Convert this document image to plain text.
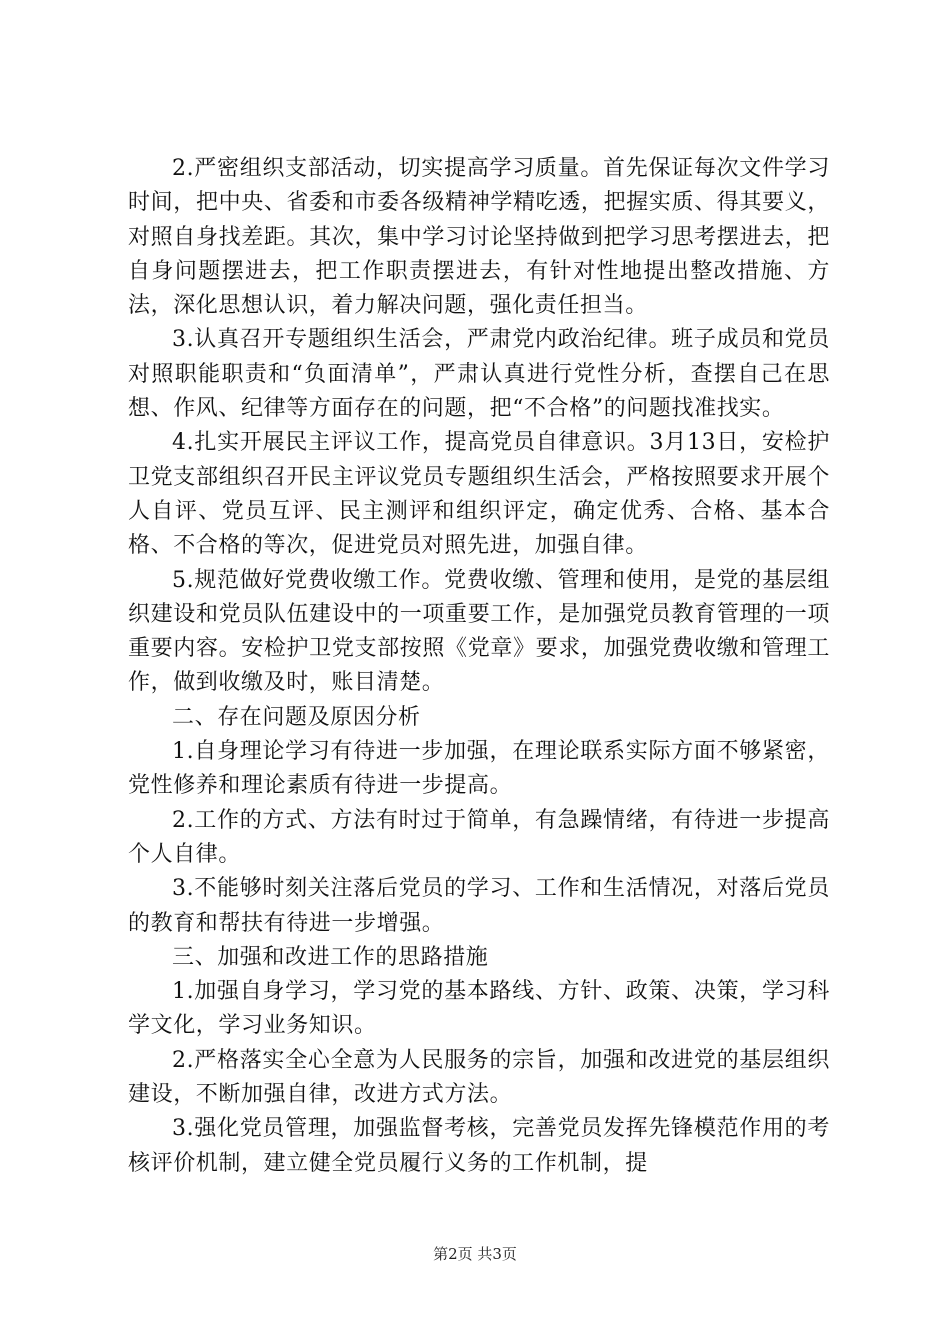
2.严密组织支部活动，切实提高学习质量。首先保证每次文件学习时间，把中央、省委和市委各级精神学精吃透，把握实质、得其要义，对照自身找差距。其次，集中学习讨论坚持做到把学习思考摆进去，把自身问题摆进去，把工作职责摆进去，有针对性地提出整改措施、方法，深化思想认识，着力解决问题，强化责任担当。

3.认真召开专题组织生活会，严肃党内政治纪律。班子成员和党员对照职能职责和“负面清单”，严肃认真进行党性分析，查摆自己在思想、作风、纪律等方面存在的问题，把“不合格”的问题找准找实。

4.扎实开展民主评议工作，提高党员自律意识。3月13日，安检护卫党支部组织召开民主评议党员专题组织生活会，严格按照要求开展个人自评、党员互评、民主测评和组织评定，确定优秀、合格、基本合格、不合格的等次，促进党员对照先进，加强自律。

5.规范做好党费收缴工作。党费收缴、管理和使用，是党的基层组织建设和党员队伍建设中的一项重要工作，是加强党员教育管理的一项重要内容。安检护卫党支部按照《党章》要求，加强党费收缴和管理工作，做到收缴及时，账目清楚。

二、存在问题及原因分析

1.自身理论学习有待进一步加强，在理论联系实际方面不够紧密，党性修养和理论素质有待进一步提高。

2.工作的方式、方法有时过于简单，有急躁情绪，有待进一步提高个人自律。

3.不能够时刻关注落后党员的学习、工作和生活情况，对落后党员的教育和帮扶有待进一步增强。

三、加强和改进工作的思路措施

1.加强自身学习，学习党的基本路线、方针、政策、决策，学习科学文化，学习业务知识。

2.严格落实全心全意为人民服务的宗旨，加强和改进党的基层组织建设，不断加强自律，改进方式方法。

3.强化党员管理，加强监督考核，完善党员发挥先锋模范作用的考核评价机制，建立健全党员履行义务的工作机制，提

第2页 共3页
